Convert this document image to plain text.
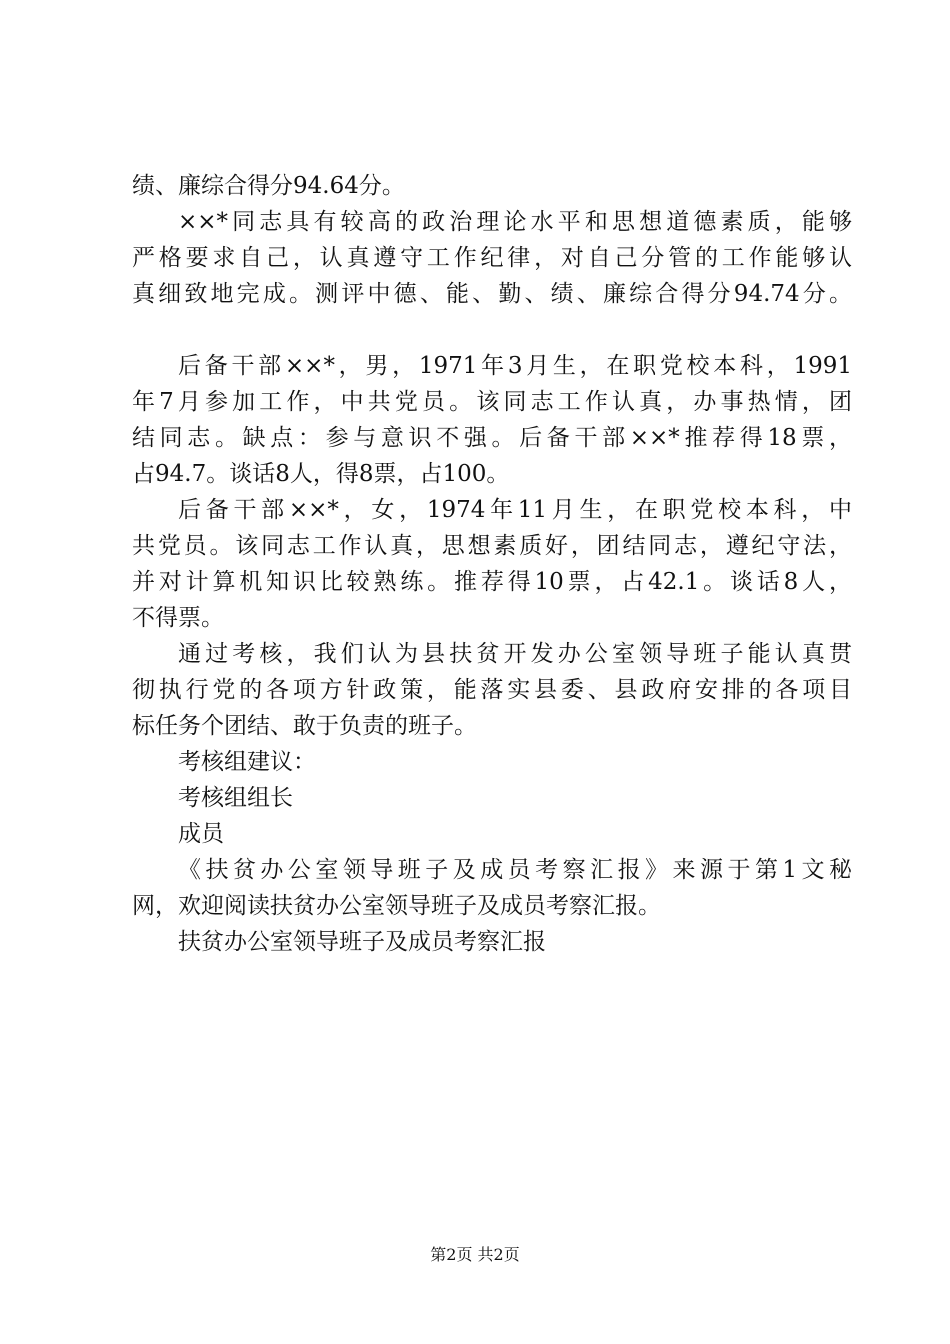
绩、廉综合得分94.64分。

××*同志具有较高的政治理论水平和思想道德素质，能够

严格要求自己，认真遵守工作纪律，对自己分管的工作能够认

真细致地完成。测评中德、能、勤、绩、廉综合得分94.74分。

后备干部××*，男，1971年3月生，在职党校本科，1991

年7月参加工作，中共党员。该同志工作认真，办事热情，团

结同志。缺点：参与意识不强。后备干部××*推荐得18票，

占94.7。谈话8人，得8票，占100。

后备干部××*，女，1974年11月生，在职党校本科，中

共党员。该同志工作认真，思想素质好，团结同志，遵纪守法，

并对计算机知识比较熟练。推荐得10票，占42.1。谈话8人，

不得票。

通过考核，我们认为县扶贫开发办公室领导班子能认真贯

彻执行党的各项方针政策，能落实县委、县政府安排的各项目

标任务个团结、敢于负责的班子。

考核组建议：

考核组组长

成员

《扶贫办公室领导班子及成员考察汇报》来源于第1文秘

网，欢迎阅读扶贫办公室领导班子及成员考察汇报。

扶贫办公室领导班子及成员考察汇报

第2页 共2页
